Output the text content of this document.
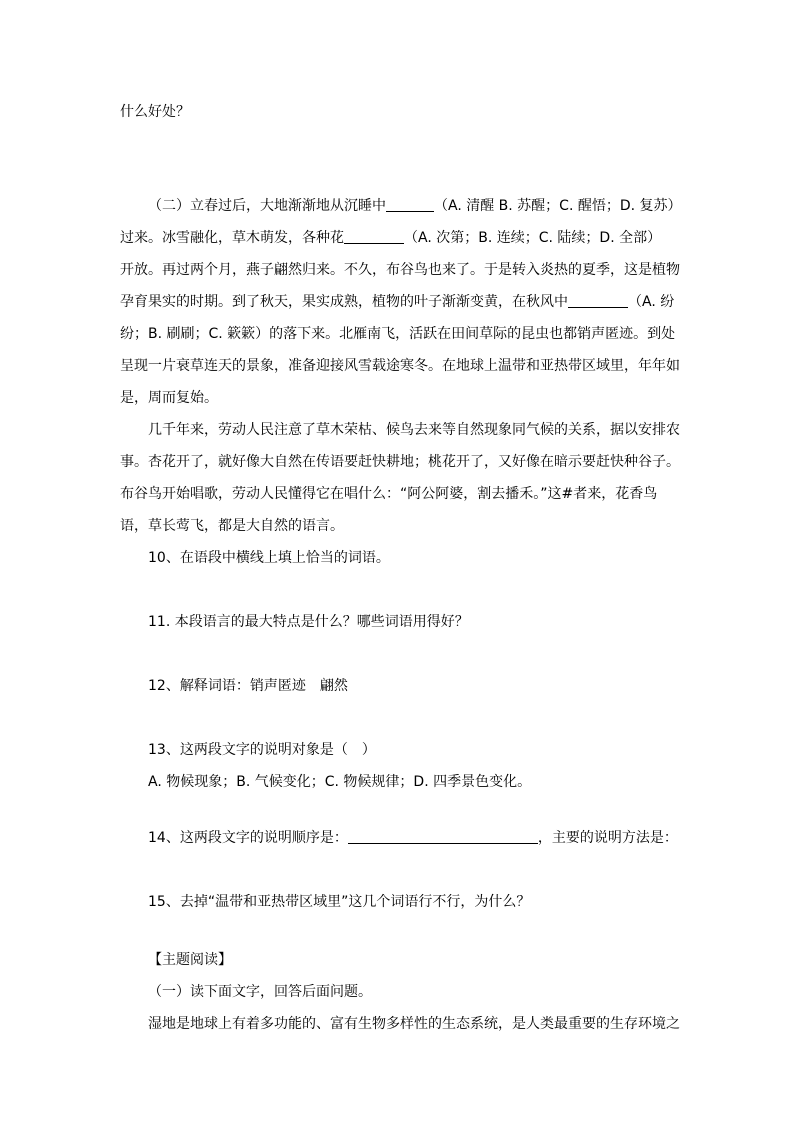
什么好处？
（二）立春过后，大地渐渐地从沉睡中	（A. 清醒 B. 苏醒；C. 醒悟；D. 复苏）
过来。冰雪融化，草木萌发，各种花	（A. 次第；B. 连续；C. 陆续；D. 全部）
开放。再过两个月，燕子翩然归来。不久，布谷鸟也来了。于是转入炎热的夏季，这是植物
孕育果实的时期。到了秋天，果实成熟，植物的叶子渐渐变黄，在秋风中	（A. 纷
纷；B. 刷刷；C. 簌簌）的落下来。北雁南飞，活跃在田间草际的昆虫也都销声匿迹。到处
呈现一片衰草连天的景象，准备迎接风雪载途寒冬。在地球上温带和亚热带区域里，年年如
是，周而复始。
几千年来，劳动人民注意了草木荣枯、候鸟去来等自然现象同气候的关系，据以安排农
事。杏花开了，就好像大自然在传语要赶快耕地；桃花开了，又好像在暗示要赶快种谷子。
布谷鸟开始唱歌，劳动人民懂得它在唱什么：“阿公阿婆，割去播禾。”这#者来，花香鸟
语，草长莺飞，都是大自然的语言。
10、在语段中横线上填上恰当的词语。
11. 本段语言的最大特点是什么？哪些词语用得好？
12、解释词语：销声匿迹　翩然
13、这两段文字的说明对象是（　）
A. 物候现象；B. 气候变化；C. 物候规律；D. 四季景色变化。
14、这两段文字的说明顺序是：	，主要的说明方法是：
15、去掉“温带和亚热带区域里”这几个词语行不行，为什么？
【主题阅读】
（一）读下面文字，回答后面问题。
湿地是地球上有着多功能的、富有生物多样性的生态系统，是人类最重要的生存环境之
